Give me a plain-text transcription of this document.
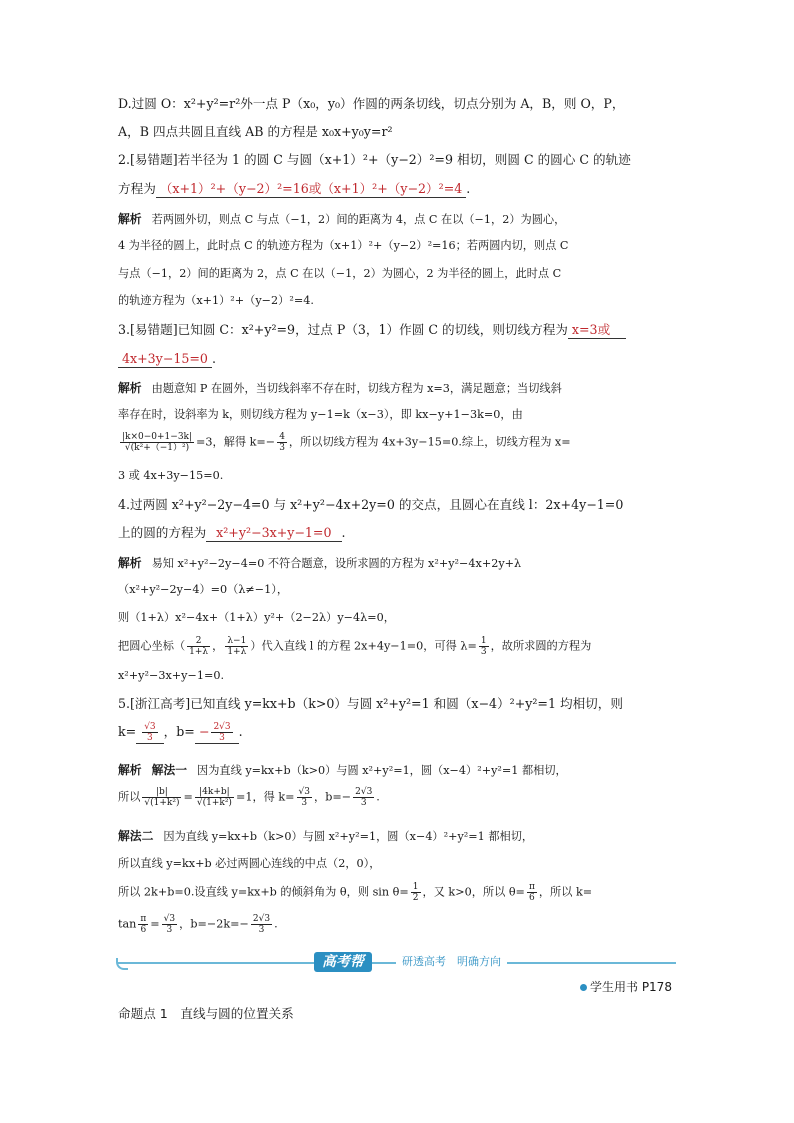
D.过圆 O：x²+y²=r²外一点 P（x₀，y₀）作圆的两条切线，切点分别为 A，B，则 O，P，
A，B 四点共圆且直线 AB 的方程是 x₀x+y₀y=r²
2.[易错题]若半径为 1 的圆 C 与圆（x+1）²+（y−2）²=9 相切，则圆 C 的圆心 C 的轨迹
方程为 （x+1）²+（y−2）²=16或（x+1）²+（y−2）²=4 .
解析 若两圆外切，则点 C 与点（−1，2）间的距离为 4，点 C 在以（−1，2）为圆心，
4 为半径的圆上，此时点 C 的轨迹方程为（x+1）²+（y−2）²=16；若两圆内切，则点 C
与点（−1，2）间的距离为 2，点 C 在以（−1，2）为圆心，2 为半径的圆上，此时点 C
的轨迹方程为（x+1）²+（y−2）²=4.
3.[易错题]已知圆 C：x²+y²=9，过点 P（3，1）作圆 C 的切线，则切线方程为 x=3或
4x+3y−15=0 .
解析 由题意知 P 在圆外，当切线斜率不存在时，切线方程为 x=3，满足题意；当切线斜
率存在时，设斜率为 k，则切线方程为 y−1=k（x−3），即 kx−y+1−3k=0，由
$\frac{|k\times 0-0+1-3k|}{\text{√(k²+（−1）²)}} =3$，解得 $k=- \frac{4}{3}$ ，所以切线方程为 4x+3y−15=0.综上，切线方程为 x=
3 或 4x+3y−15=0.
4.过两圆 x²+y²−2y−4=0 与 x²+y²−4x+2y=0 的交点，且圆心在直线 l：2x+4y−1=0
上的圆的方程为 x²+y²−3x+y−1=0 .
解析 易知 x²+y²−2y−4=0 不符合题意，设所求圆的方程为 x²+y²−4x+2y+λ
（x²+y²−2y−4）=0（λ≠−1），
则（1+λ）x²−4x+（1+λ）y²+（2−2λ）y−4λ=0，
把圆心坐标（ $\frac{2}{1+\lambda}$ ， $\frac{\lambda-1}{1+\lambda}$ ）代入直线 l 的方程 2x+4y−1=0，可得 $\lambda= \frac{1}{3}$ ，故所求圆的方程为
x²+y²−3x+y−1=0.
5.[浙江高考]已知直线 y=kx+b（k>0）与圆 x²+y²=1 和圆（x−4）²+y²=1 均相切，则
$k= \frac{√3}{3}$ ，$b= - \frac{2√3}{3}$ .
解析 解法一 因为直线 y=kx+b（k>0）与圆 x²+y²=1，圆（x−4）²+y²=1 都相切，
所以 $\frac{|b|}{\text{√(1+k²)}} = \frac{|4k+b|}{\text{√(1+k²)}} =1$，得 $k= \frac{√3}{3}$ ，$b=- \frac{2√3}{3}$ .
解法二 因为直线 y=kx+b（k>0）与圆 x²+y²=1，圆（x−4）²+y²=1 都相切，
所以直线 y=kx+b 必过两圆心连线的中点（2，0），
所以 2k+b=0.设直线 y=kx+b 的倾斜角为 θ，则 $\sin \theta= \frac{1}{2}$ ，又 k>0，所以 $\theta= \frac{\pi}{6}$ ，所以 k=
$\tan \frac{\pi}{6} = \frac{√3}{3}$ ，$b=-2k=- \frac{2√3}{3}$ .
高考帮	研透高考　明确方向
学生用书 P178
命题点 1　直线与圆的位置关系
